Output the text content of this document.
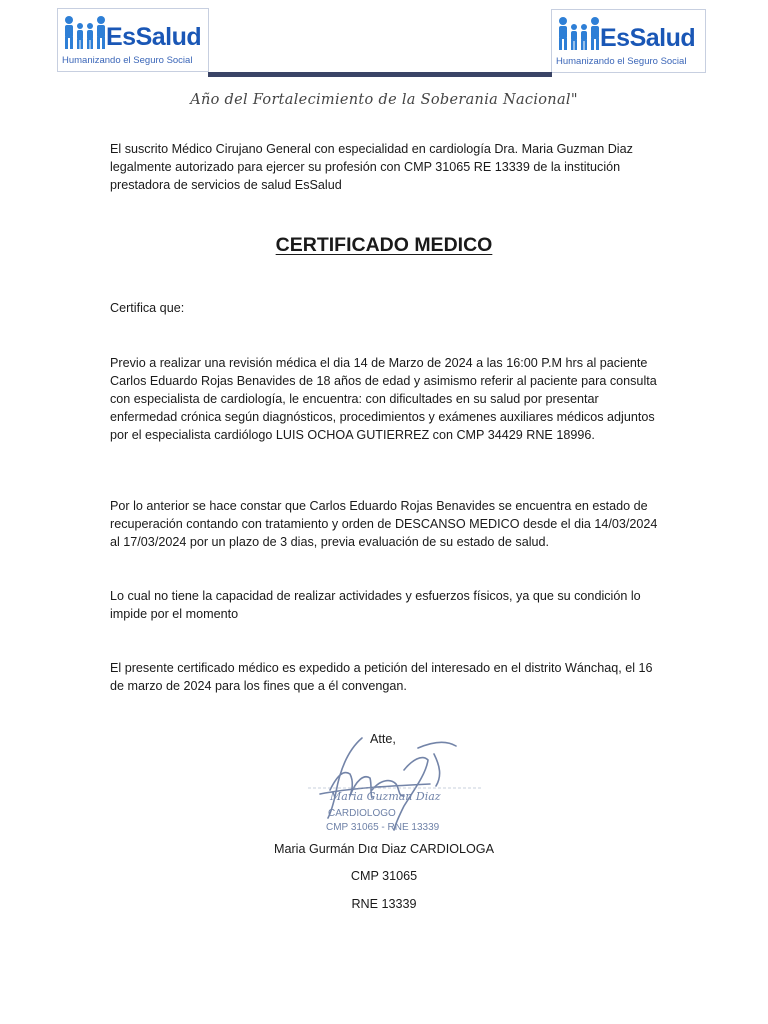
EsSalud
Humanizando el Seguro Social
EsSalud
Humanizando el Seguro Social
Año del Fortalecimiento de la Soberania Nacional"

El suscrito Médico Cirujano General con especialidad en cardiología Dra. Maria Guzman Diaz legalmente autorizado para ejercer su profesión con CMP 31065 RE 13339 de la institución prestadora de servicios de salud EsSalud

CERTIFICADO MEDICO

Certifica que:

Previo a realizar una revisión médica el dia 14 de Marzo de 2024 a las 16:00 P.M hrs al paciente Carlos Eduardo Rojas Benavides de 18 años de edad y asimismo referir al paciente para consulta con especialista de cardiología, le encuentra: con dificultades en su salud por presentar enfermedad crónica según diagnósticos, procedimientos y exámenes auxiliares médicos adjuntos por el especialista cardiólogo LUIS OCHOA GUTIERREZ con CMP 34429 RNE 18996.

Por lo anterior se hace constar que Carlos Eduardo Rojas Benavides se encuentra en estado de recuperación contando con tratamiento y orden de DESCANSO MEDICO desde el dia 14/03/2024 al 17/03/2024 por un plazo de 3 dias, previa evaluación de su estado de salud.

Lo cual no tiene la capacidad de realizar actividades y esfuerzos físicos, ya que su condición lo impide por el momento

El presente certificado médico es expedido a petición del interesado en el distrito Wánchaq, el 16 de marzo de 2024 para los fines que a él convengan.

Maria Guzman Diaz
CARDIOLOGO
CMP 31065 - RNE 13339

Atte,

Maria Gurmán Dıα Diaz CARDIOLOGA

CMP 31065

RNE 13339
